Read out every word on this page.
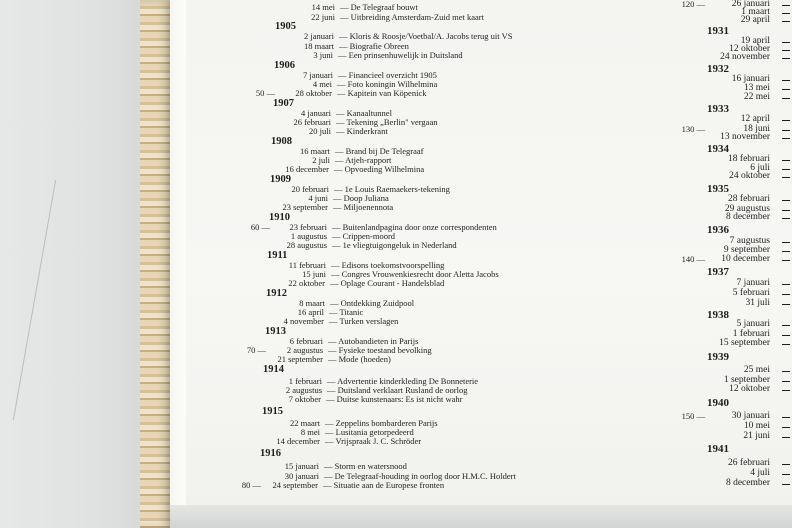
14 mei — De Telegraaf bouwt
22 juni — Uitbreiding Amsterdam-Zuid met kaart
1905
2 januari — Kloris & Roosje/Voetbal/A. Jacobs terug uit VS
18 maart — Biografie Obreen
3 juni — Een prinsenhuwelijk in Duitsland
1906
7 januari — Financieel overzicht 1905
4 mei — Foto koningin Wilhelmina
50 — 28 oktober — Kapitein van Köpenick
1907
4 januari — Kanaaltunnel
26 februari — Tekening „Berlin" vergaan
20 juli — Kinderkrant
1908
16 maart — Brand bij De Telegraaf
2 juli — Atjeh-rapport
16 december — Opvoeding Wilhelmina
1909
20 februari — 1e Louis Raemaekers-tekening
4 juni — Doop Juliana
23 september — Miljoenennota
1910
60 — 23 februari — Buitenlandpagina door onze correspondenten
1 augustus — Crippen-moord
28 augustus — 1e vliegtuigongeluk in Nederland
1911
11 februari — Edisons toekomstvoorspelling
15 juni — Congres Vrouwenkiesrecht door Aletta Jacobs
22 oktober — Oplage Courant - Handelsblad
1912
8 maart — Ontdekking Zuidpool
16 april — Titanic
4 november — Turken verslagen
1913
6 februari — Autobandieten in Parijs
70 — 2 augustus — Fysieke toestand bevolking
21 september — Mode (hoeden)
1914
1 februari — Advertentie kinderkleding De Bonneterie
2 augustus — Duitsland verklaart Rusland de oorlog
7 oktober — Duitse kunstenaars: Es ist nicht wahr
1915
22 maart — Zeppelins bombarderen Parijs
8 mei — Lusitania getorpedeerd
14 december — Vrijspraak J. C. Schröder
1916
15 januari — Storm en watersnood
30 januari — De Telegraaf-houding in oorlog door H.M.C. Holdert
80 — 24 september — Situatie aan de Europese fronten
120 —	26 januari
1 maart
29 april
1931
19 april
12 oktober
24 november
1932
16 januari
13 mei
22 mei
1933
12 april
130 —	18 juni
13 november
1934
18 februari
6 juli
24 oktober
1935
28 februari
29 augustus
8 december
1936
7 augustus
9 september
140 — 10 december
1937
7 januari
5 februari
31 juli
1938
5 januari
1 februari
15 september
1939
25 mei
1 september
12 oktober
1940
150 —	30 januari
10 mei
21 juni
1941
26 februari
4 juli
8 december
